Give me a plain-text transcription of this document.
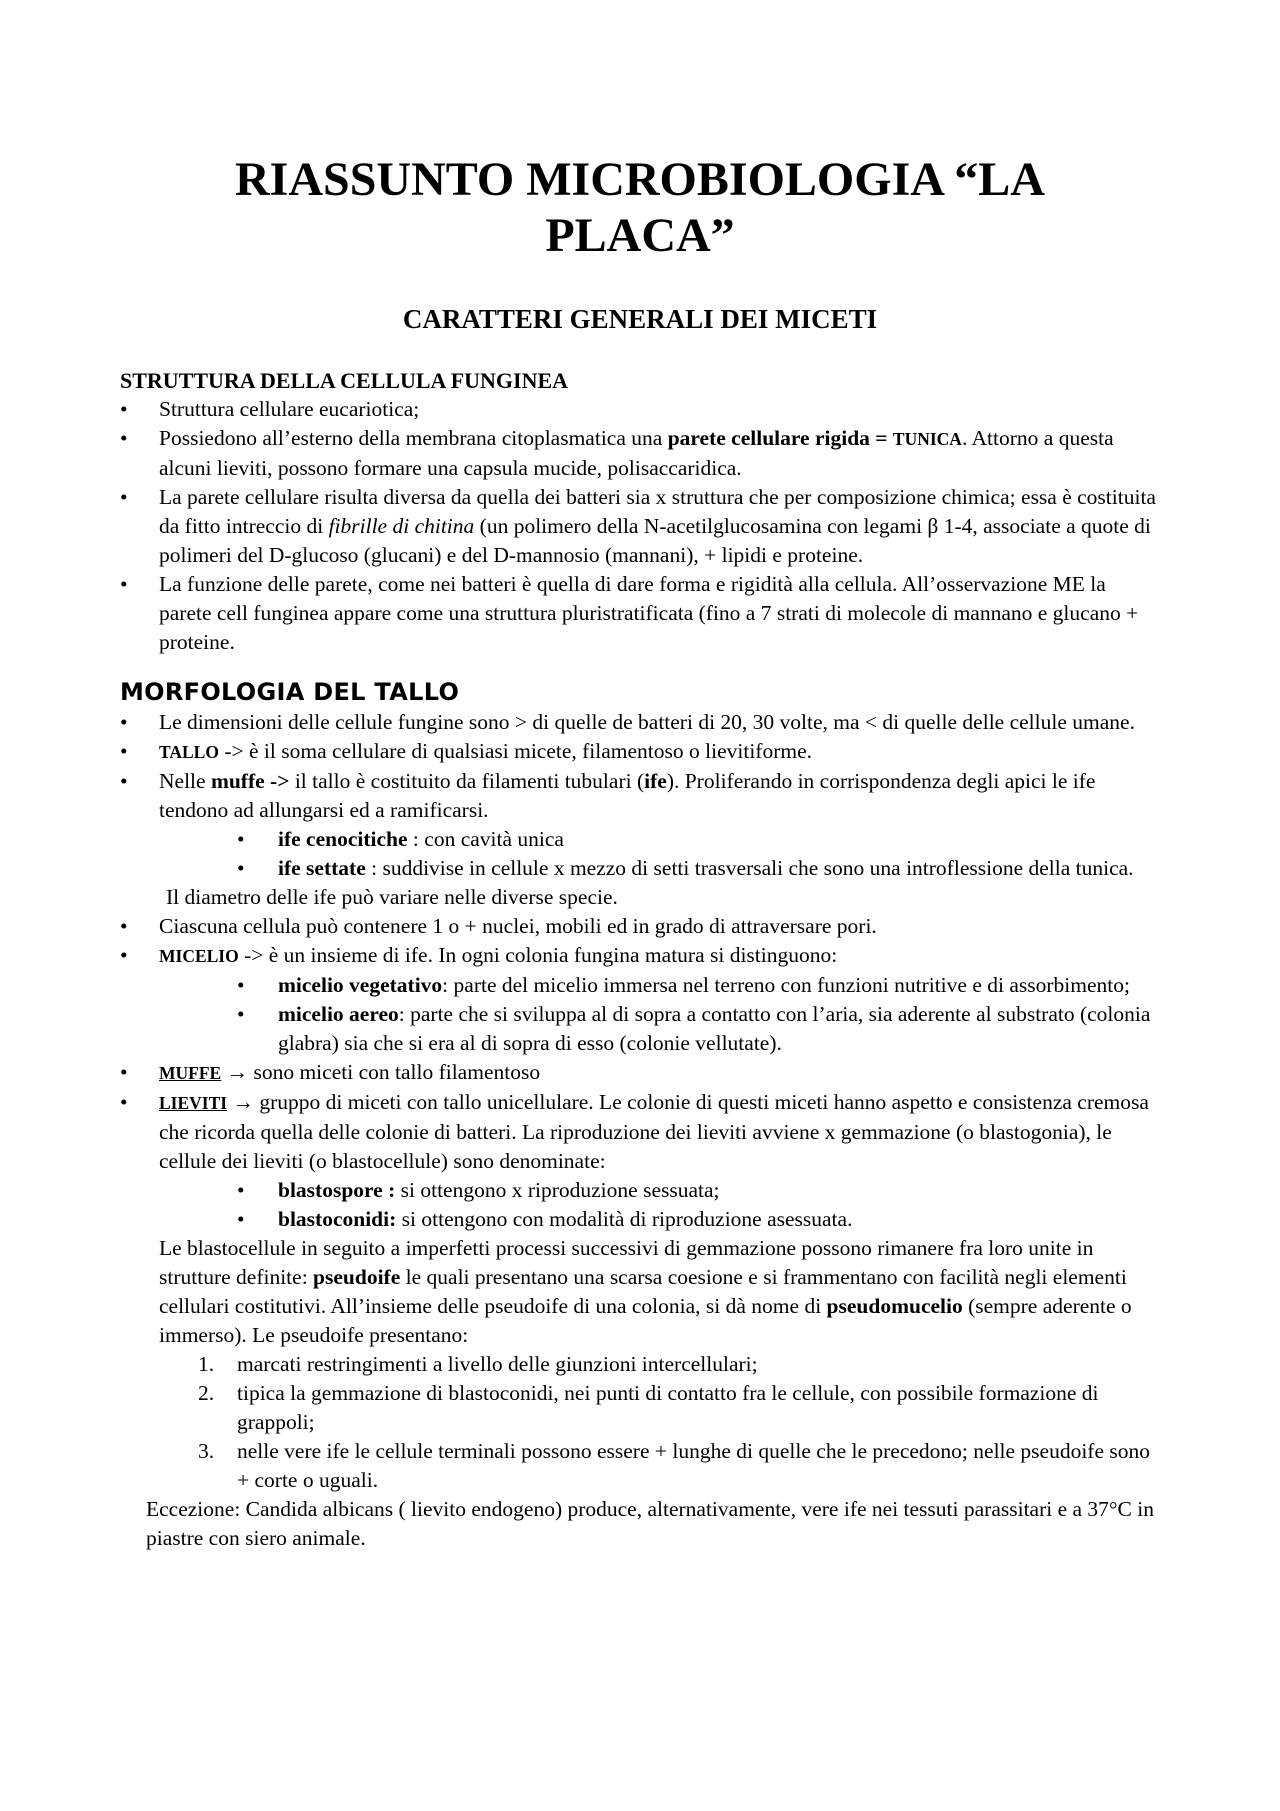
RIASSUNTO MICROBIOLOGIA “LA
PLACA”
CARATTERI GENERALI DEI MICETI

STRUTTURA DELLA CELLULA FUNGINEA

• Struttura cellulare eucariotica;

• Possiedono all’esterno della membrana citoplasmatica una parete cellulare rigida = TUNICA. Attorno a questa alcuni lieviti, possono formare una capsula mucide, polisaccaridica.

• La parete cellulare risulta diversa da quella dei batteri sia x struttura che per composizione chimica; essa è costituita da fitto intreccio di fibrille di chitina (un polimero della N-acetilglucosamina con legami β 1-4, associate a quote di polimeri del D-glucoso (glucani) e del D-mannosio (mannani), + lipidi e proteine.

• La funzione delle parete, come nei batteri è quella di dare forma e rigidità alla cellula. All’osservazione ME la parete cell funginea appare come una struttura pluristratificata (fino a 7 strati di molecole di mannano e glucano + proteine.

MORFOLOGIA DEL TALLO

• Le dimensioni delle cellule fungine sono > di quelle de batteri di 20, 30 volte, ma < di quelle delle cellule umane.

• TALLO -> è il soma cellulare di qualsiasi micete, filamentoso o lievitiforme.

• Nelle muffe -> il tallo è costituito da filamenti tubulari (ife). Proliferando in corrispondenza degli apici le ife tendono ad allungarsi ed a ramificarsi.

• ife cenocitiche : con cavità unica

• ife settate : suddivise in cellule x mezzo di setti trasversali che sono una introflessione della tunica.

Il diametro delle ife può variare nelle diverse specie.

• Ciascuna cellula può contenere 1 o + nuclei, mobili ed in grado di attraversare pori.

• MICELIO -> è un insieme di ife. In ogni colonia fungina matura si distinguono:

• micelio vegetativo: parte del micelio immersa nel terreno con funzioni nutritive e di assorbimento;

• micelio aereo: parte che si sviluppa al di sopra a contatto con l’aria, sia aderente al substrato (colonia glabra) sia che si era al di sopra di esso (colonie vellutate).

• MUFFE → sono miceti con tallo filamentoso

• LIEVITI → gruppo di miceti con tallo unicellulare. Le colonie di questi miceti hanno aspetto e consistenza cremosa che ricorda quella delle colonie di batteri. La riproduzione dei lieviti avviene x gemmazione (o blastogonia), le cellule dei lieviti (o blastocellule) sono denominate:

• blastospore : si ottengono x riproduzione sessuata;

• blastoconidi: si ottengono con modalità di riproduzione asessuata.

Le blastocellule in seguito a imperfetti processi successivi di gemmazione possono rimanere fra loro unite in strutture definite: pseudoife le quali presentano una scarsa coesione e si frammentano con facilità negli elementi cellulari costitutivi. All’insieme delle pseudoife di una colonia, si dà nome di pseudomucelio (sempre aderente o immerso). Le pseudoife presentano:

1. marcati restringimenti a livello delle giunzioni intercellulari;

2. tipica la gemmazione di blastoconidi, nei punti di contatto fra le cellule, con possibile formazione di grappoli;

3. nelle vere ife le cellule terminali possono essere + lunghe di quelle che le precedono; nelle pseudoife sono + corte o uguali.

Eccezione: Candida albicans ( lievito endogeno) produce, alternativamente, vere ife nei tessuti parassitari e a 37°C in piastre con siero animale.
